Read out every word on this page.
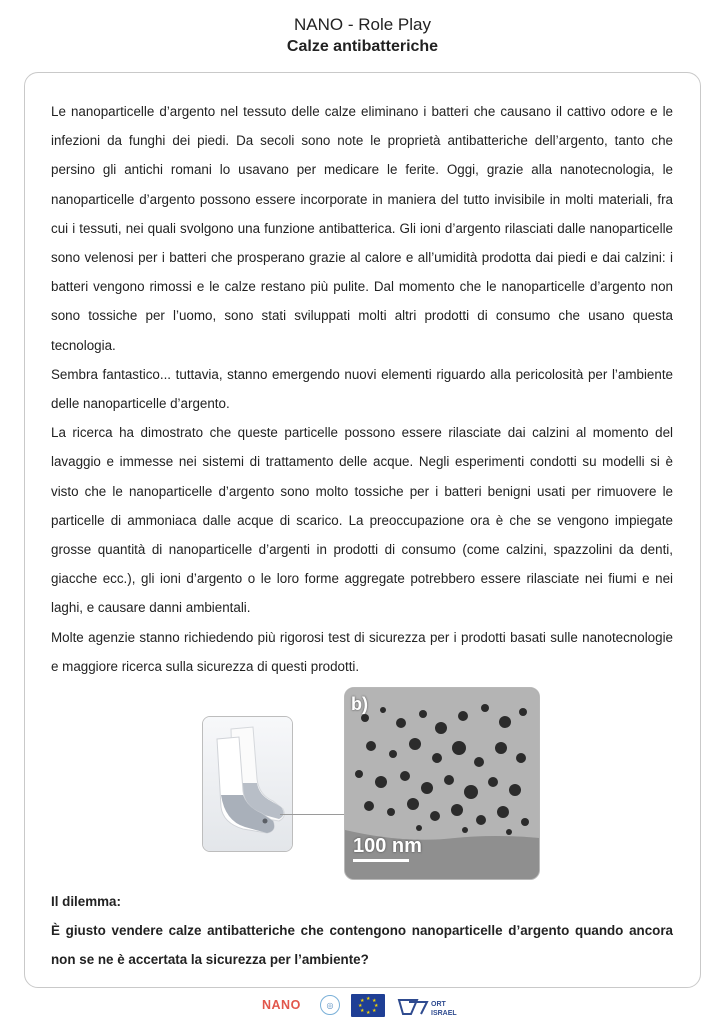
NANO - Role Play
Calze antibatteriche

Le nanoparticelle d’argento nel tessuto delle calze eliminano i batteri che causano il cattivo odore e le infezioni da funghi dei piedi. Da secoli sono note le proprietà antibatteriche dell’argento, tanto che persino gli antichi romani lo usavano per medicare le ferite. Oggi, grazie alla nanotecnologia, le nanoparticelle d’argento possono essere incorporate in maniera del tutto invisibile in molti materiali, fra cui i tessuti, nei quali svolgono una funzione antibatterica. Gli ioni d’argento rilasciati dalle nanoparticelle sono velenosi per i batteri che prosperano grazie al calore e all’umidità prodotta dai piedi e dai calzini: i batteri vengono rimossi e le calze restano più pulite. Dal momento che le nanoparticelle d’argento non sono tossiche per l’uomo, sono stati sviluppati molti altri prodotti di consumo che usano questa tecnologia.

Sembra fantastico... tuttavia, stanno emergendo nuovi elementi riguardo alla pericolosità per l’ambiente delle nanoparticelle d’argento.

La ricerca ha dimostrato che queste particelle possono essere rilasciate dai calzini al momento del lavaggio e immesse nei sistemi di trattamento delle acque. Negli esperimenti condotti su modelli si è visto che le nanoparticelle d’argento sono molto tossiche per i batteri benigni usati per rimuovere le particelle di ammoniaca dalle acque di scarico. La preoccupazione ora è che se vengono impiegate grosse quantità di nanoparticelle d’argenti in prodotti di consumo (come calzini, spazzolini da denti, giacche ecc.), gli ioni d’argento o le loro forme aggregate potrebbero essere rilasciate nei fiumi e nei laghi, e causare danni ambientali.

Molte agenzie stanno richiedendo più rigorosi test di sicurezza per i prodotti basati sulle nanotecnologie e maggiore ricerca sulla sicurezza di questi prodotti.

b)
100 nm

Il dilemma:

È giusto vendere calze antibatteriche che contengono nanoparticelle d’argento quando ancora non se ne è accertata la sicurezza per l’ambiente?

NANO	◎
★ ★
★
★
★
★
★
★	ORT
ISRAEL
